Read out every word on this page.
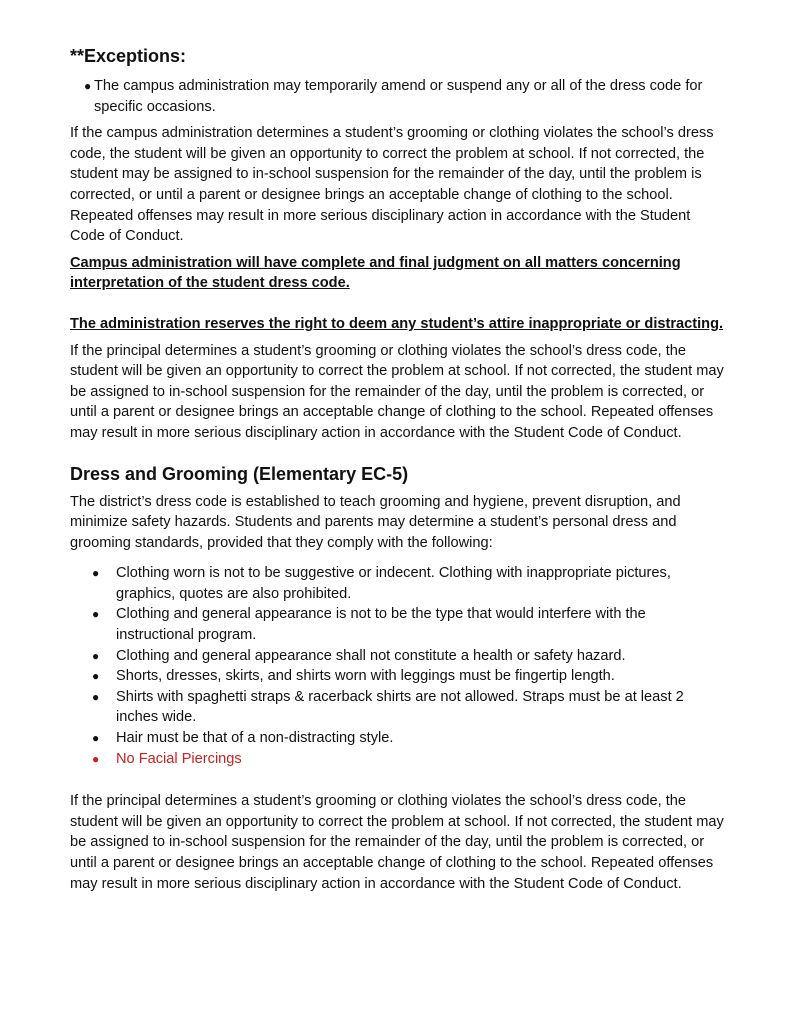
**Exceptions:
● The campus administration may temporarily amend or suspend any or all of the dress code for specific occasions.

If the campus administration determines a student’s grooming or clothing violates the school’s dress code, the student will be given an opportunity to correct the problem at school. If not corrected, the student may be assigned to in-school suspension for the remainder of the day, until the problem is corrected, or until a parent or designee brings an acceptable change of clothing to the school. Repeated offenses may result in more serious disciplinary action in accordance with the Student Code of Conduct.

Campus administration will have complete and final judgment on all matters concerning interpretation of the student dress code.
The administration reserves the right to deem any student’s attire inappropriate or distracting.

If the principal determines a student’s grooming or clothing violates the school’s dress code, the student will be given an opportunity to correct the problem at school. If not corrected, the student may be assigned to in-school suspension for the remainder of the day, until the problem is corrected, or until a parent or designee brings an acceptable change of clothing to the school. Repeated offenses may result in more serious disciplinary action in accordance with the Student Code of Conduct.

Dress and Grooming (Elementary EC-5)

The district’s dress code is established to teach grooming and hygiene, prevent disruption, and minimize safety hazards. Students and parents may determine a student’s personal dress and grooming standards, provided that they comply with the following:

● Clothing worn is not to be suggestive or indecent. Clothing with inappropriate pictures, graphics, quotes are also prohibited.
● Clothing and general appearance is not to be the type that would interfere with the instructional program.
● Clothing and general appearance shall not constitute a health or safety hazard.
● Shorts, dresses, skirts, and shirts worn with leggings must be fingertip length.
● Shirts with spaghetti straps & racerback shirts are not allowed. Straps must be at least 2 inches wide.
● Hair must be that of a non-distracting style.
● No Facial Piercings

If the principal determines a student’s grooming or clothing violates the school’s dress code, the student will be given an opportunity to correct the problem at school. If not corrected, the student may be assigned to in-school suspension for the remainder of the day, until the problem is corrected, or until a parent or designee brings an acceptable change of clothing to the school. Repeated offenses may result in more serious disciplinary action in accordance with the Student Code of Conduct.
